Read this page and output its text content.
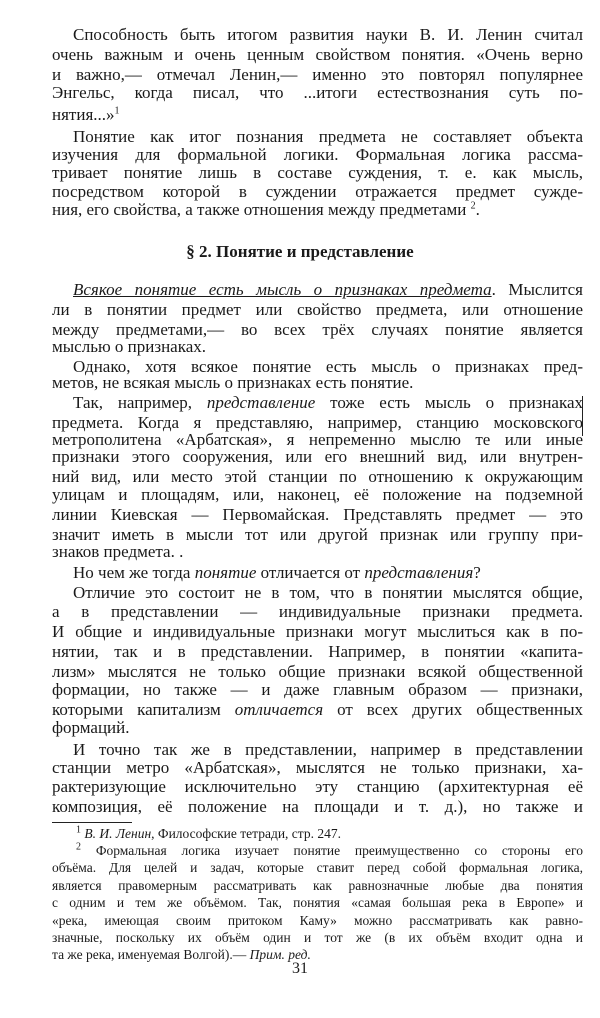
§ 2. Понятие и представление
31
Способность быть итогом развития науки В. И. Ленин считал
очень важным и очень ценным свойством понятия. «Очень верно
и важно,— отмечал Ленин,— именно это повторял популярнее
Энгельс, когда писал, что ...итоги естествознания суть по-
нятия...»$^1$
Понятие как итог познания предмета не составляет объекта
изучения для формальной логики. Формальная логика рассма-
тривает понятие лишь в составе суждения, т. е. как мысль,
посредством которой в суждении отражается предмет сужде-
ния, его свойства, а также отношения между предметами $^2$.
Всякое понятие есть мысль о признаках предмета. Мыслится
ли в понятии предмет или свойство предмета, или отношение
между предметами,— во всех трёх случаях понятие является
мыслью о признаках.
Однако, хотя всякое понятие есть мысль о признаках пред-
метов, не всякая мысль о признаках есть понятие.
Так, например, представление тоже есть мысль о признаках
предмета. Когда я представляю, например, станцию московского
метрополитена «Арбатская», я непременно мыслю те или иные
признаки этого сооружения, или его внешний вид, или внутрен-
ний вид, или место этой станции по отношению к окружающим
улицам и площадям, или, наконец, её положение на подземной
линии Киевская — Первомайская. Представлять предмет — это
значит иметь в мысли тот или другой признак или группу при-
знаков предмета. .
Но чем же тогда понятие отличается от представления?
Отличие это состоит не в том, что в понятии мыслятся общие,
а в представлении — индивидуальные признаки предмета.
И общие и индивидуальные признаки могут мыслиться как в по-
нятии, так и в представлении. Например, в понятии «капита-
лизм» мыслятся не только общие признаки всякой общественной
формации, но также — и даже главным образом — признаки,
которыми капитализм отличается от всех других общественных
формаций.
И точно так же в представлении, например в представлении
станции метро «Арбатская», мыслятся не только признаки, ха-
рактеризующие исключительно эту станцию (архитектурная её
композиция, её положение на площади и т. д.), но также и
$^1$ В. И. Ленин, Философские тетради, стр. 247.
$^2$ Формальная логика изучает понятие преимущественно со стороны его
объёма. Для целей и задач, которые ставит перед собой формальная логика,
является правомерным рассматривать как равнозначные любые два понятия
с одним и тем же объёмом. Так, понятия «самая большая река в Европе» и
«река, имеющая своим притоком Каму» можно рассматривать как равно-
значные, поскольку их объём один и тот же (в их объём входит одна и
та же река, именуемая Волгой).— Прим. ред.
